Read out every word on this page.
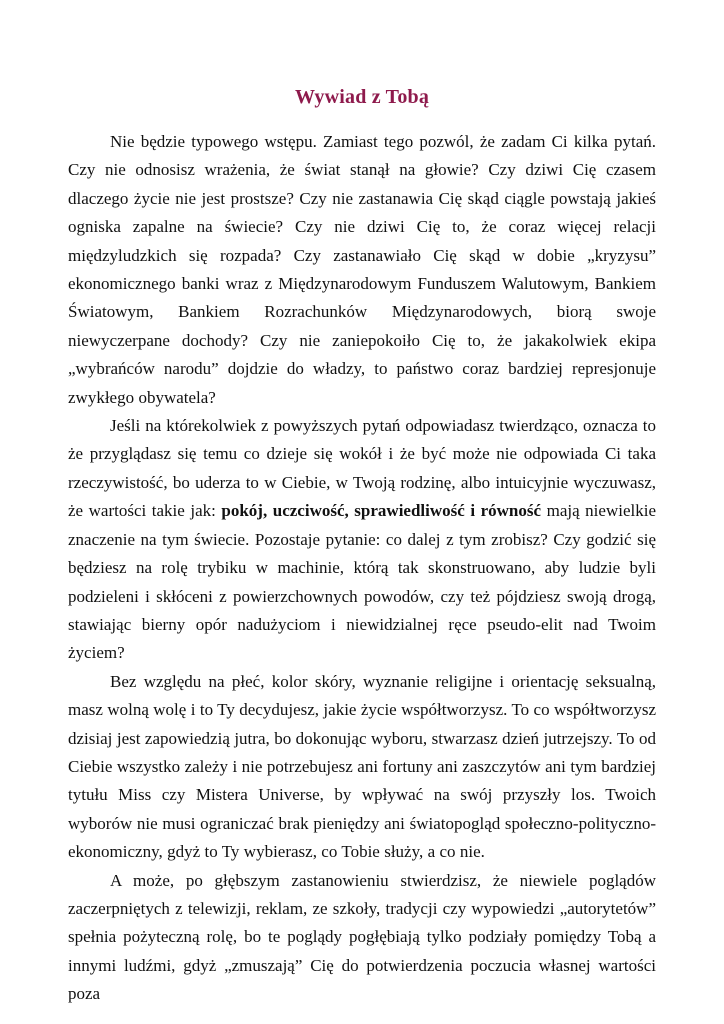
Wywiad z Tobą

Nie będzie typowego wstępu. Zamiast tego pozwól, że zadam Ci kilka pytań. Czy nie odnosisz wrażenia, że świat stanął na głowie? Czy dziwi Cię czasem dlaczego życie nie jest prostsze? Czy nie zastanawia Cię skąd ciągle powstają jakieś ogniska zapalne na świecie? Czy nie dziwi Cię to, że coraz więcej relacji międzyludzkich się rozpada? Czy zastanawiało Cię skąd w dobie „kryzysu” ekonomicznego banki wraz z Międzynarodowym Funduszem Walutowym, Bankiem Światowym, Bankiem Rozrachunków Międzynarodowych, biorą swoje niewyczerpane dochody? Czy nie zaniepokoiło Cię to, że jakakolwiek ekipa „wybrańców narodu” dojdzie do władzy, to państwo coraz bardziej represjonuje zwykłego obywatela?

Jeśli na którekolwiek z powyższych pytań odpowiadasz twierdząco, oznacza to że przyglądasz się temu co dzieje się wokół i że być może nie odpowiada Ci taka rzeczywistość, bo uderza to w Ciebie, w Twoją rodzinę, albo intuicyjnie wyczuwasz, że wartości takie jak: pokój, uczciwość, sprawiedliwość i równość mają niewielkie znaczenie na tym świecie. Pozostaje pytanie: co dalej z tym zrobisz? Czy godzić się będziesz na rolę trybiku w machinie, którą tak skonstruowano, aby ludzie byli podzieleni i skłóceni z powierzchownych powodów, czy też pójdziesz swoją drogą, stawiając bierny opór nadużyciom i niewidzialnej ręce pseudo-elit nad Twoim życiem?

Bez względu na płeć, kolor skóry, wyznanie religijne i orientację seksualną, masz wolną wolę i to Ty decydujesz, jakie życie współtworzysz. To co współtworzysz dzisiaj jest zapowiedzią jutra, bo dokonując wyboru, stwarzasz dzień jutrzejszy. To od Ciebie wszystko zależy i nie potrzebujesz ani fortuny ani zaszczytów ani tym bardziej tytułu Miss czy Mistera Universe, by wpływać na swój przyszły los. Twoich wyborów nie musi ograniczać brak pieniędzy ani światopogląd społeczno-polityczno-ekonomiczny, gdyż to Ty wybierasz, co Tobie służy, a co nie.

A może, po głębszym zastanowieniu stwierdzisz, że niewiele poglądów zaczerpniętych z telewizji, reklam, ze szkoły, tradycji czy wypowiedzi „autorytetów” spełnia pożyteczną rolę, bo te poglądy pogłębiają tylko podziały pomiędzy Tobą a innymi ludźmi, gdyż „zmuszają” Cię do potwierdzenia poczucia własnej wartości poza
